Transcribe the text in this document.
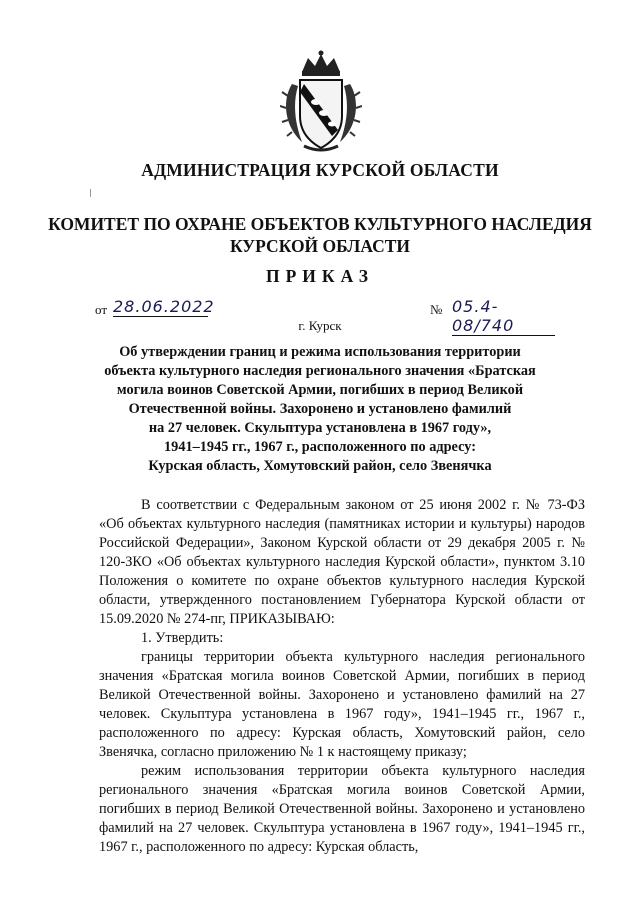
АДМИНИСТРАЦИЯ КУРСКОЙ ОБЛАСТИ
КОМИТЕТ ПО ОХРАНЕ ОБЪЕКТОВ КУЛЬТУРНОГО НАСЛЕДИЯ
КУРСКОЙ ОБЛАСТИ
ПРИКАЗ
от 28.06.2022	№ 05.4-08/740
г. Курск
Об утверждении границ и режима использования территории
объекта культурного наследия регионального значения «Братская
могила воинов Советской Армии, погибших в период Великой
Отечественной войны. Захоронено и установлено фамилий
на 27 человек. Скульптура установлена в 1967 году»,
1941–1945 гг., 1967 г., расположенного по адресу:
Курская область, Хомутовский район, село Звенячка

В соответствии с Федеральным законом от 25 июня 2002 г. № 73-ФЗ «Об объектах культурного наследия (памятниках истории и культуры) народов Российской Федерации», Законом Курской области от 29 декабря 2005 г. № 120-ЗКО «Об объектах культурного наследия Курской области», пунктом 3.10 Положения о комитете по охране объектов культурного наследия Курской области, утвержденного постановлением Губернатора Курской области от 15.09.2020 № 274-пг, ПРИКАЗЫВАЮ:

1. Утвердить:

границы территории объекта культурного наследия регионального значения «Братская могила воинов Советской Армии, погибших в период Великой Отечественной войны. Захоронено и установлено фамилий на 27 человек. Скульптура установлена в 1967 году», 1941–1945 гг., 1967 г., расположенного по адресу: Курская область, Хомутовский район, село Звенячка, согласно приложению № 1 к настоящему приказу;

режим использования территории объекта культурного наследия регионального значения «Братская могила воинов Советской Армии, погибших в период Великой Отечественной войны. Захоронено и установлено фамилий на 27 человек. Скульптура установлена в 1967 году», 1941–1945 гг., 1967 г., расположенного по адресу: Курская область,
